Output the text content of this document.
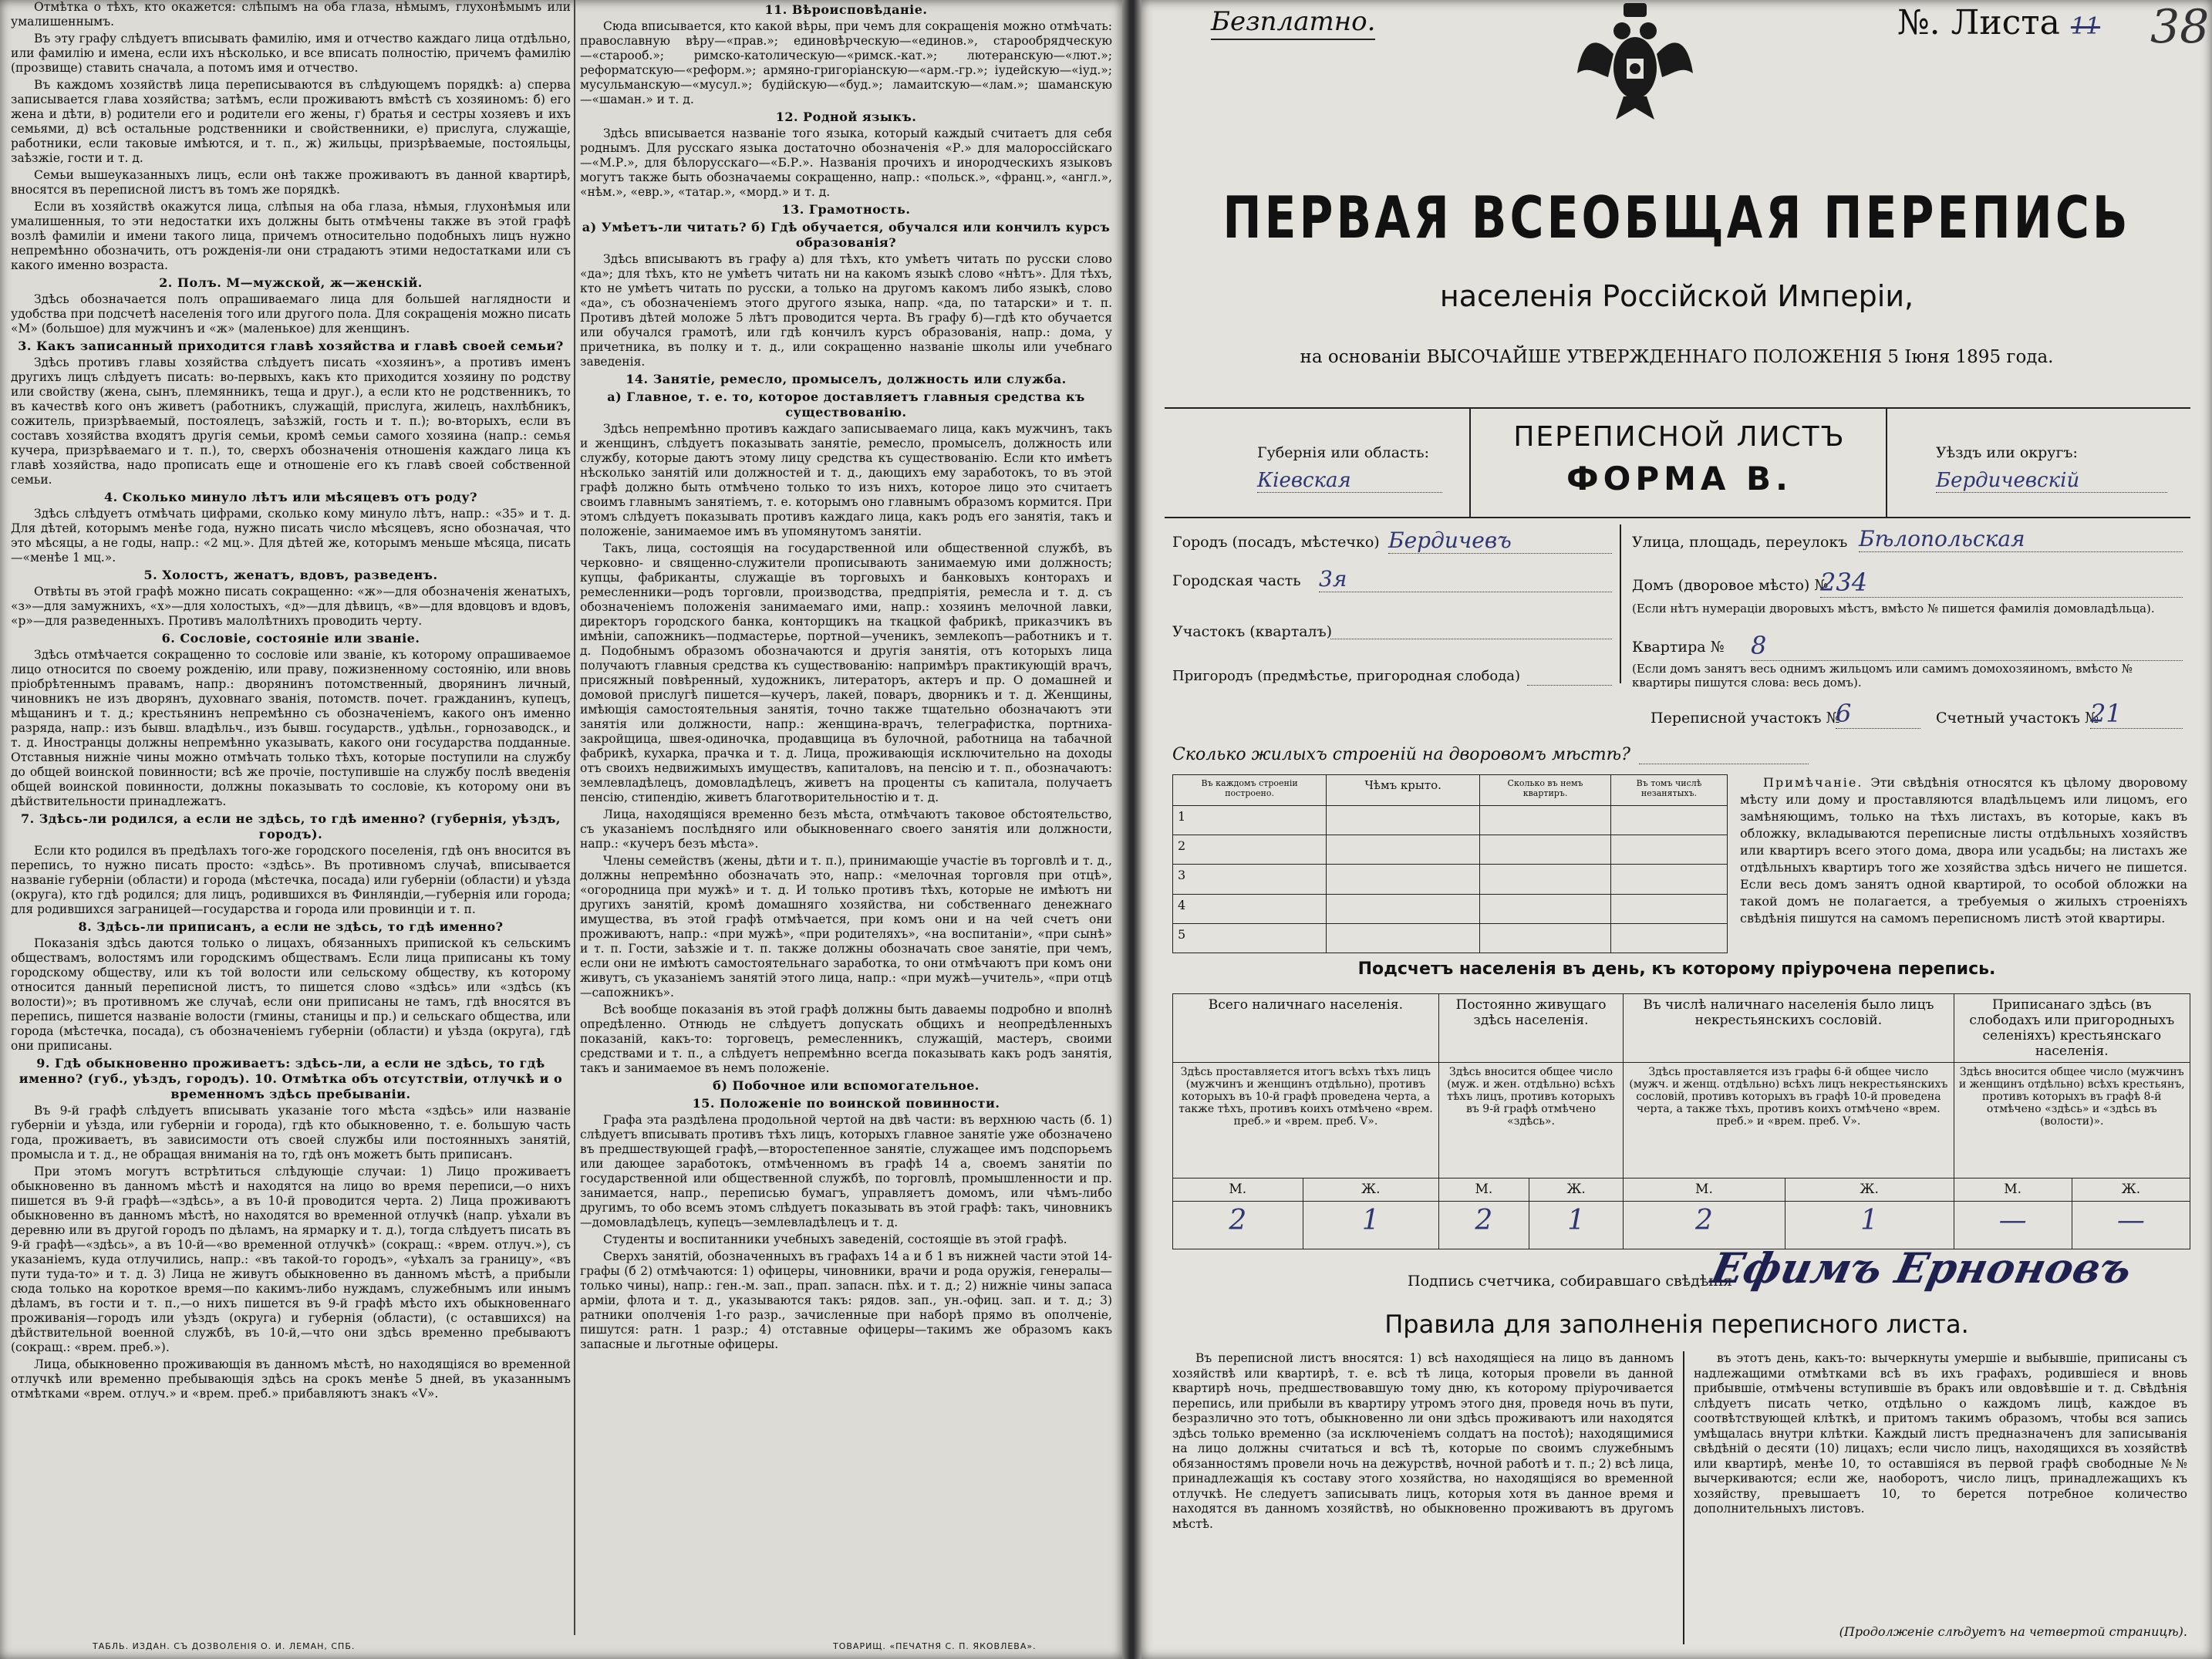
Отмѣтка о тѣхъ, кто окажется: слѣпымъ на оба глаза, нѣмымъ, глухонѣмымъ или умалишеннымъ.

Въ эту графу слѣдуетъ вписывать фамилію, имя и отчество каждаго лица отдѣльно, или фамилію и имена, если ихъ нѣсколько, и все вписать полностію, причемъ фамилію (прозвище) ставить сначала, а потомъ имя и отчество.

Въ каждомъ хозяйствѣ лица переписываются въ слѣдующемъ порядкѣ: а) сперва записывается глава хозяйства; затѣмъ, если проживаютъ вмѣстѣ съ хозяиномъ: б) его жена и дѣти, в) родители его и родители его жены, г) братья и сестры хозяевъ и ихъ семьями, д) всѣ остальные родственники и свойственники, е) прислуга, служащіе, работники, если таковые имѣются, и т. п., ж) жильцы, призрѣваемые, постояльцы, заѣзжіе, гости и т. д.

Семьи вышеуказанныхъ лицъ, если онѣ также проживаютъ въ данной квартирѣ, вносятся въ переписной листъ въ томъ же порядкѣ.

Если въ хозяйствѣ окажутся лица, слѣпыя на оба глаза, нѣмыя, глухонѣмыя или умалишенныя, то эти недостатки ихъ должны быть отмѣчены также въ этой графѣ возлѣ фамиліи и имени такого лица, причемъ относительно подобныхъ лицъ нужно непремѣнно обозначить, отъ рожденія-ли они страдаютъ этими недостатками или съ какого именно возраста.

2. Полъ. М—мужской, ж—женскій.

Здѣсь обозначается полъ опрашиваемаго лица для большей наглядности и удобства при подсчетѣ населенія того или другого пола. Для сокращенія можно писать «М» (большое) для мужчинъ и «ж» (маленькое) для женщинъ.

3. Какъ записанный приходится главѣ хозяйства и главѣ своей семьи?

Здѣсь противъ главы хозяйства слѣдуетъ писать «хозяинъ», а противъ именъ другихъ лицъ слѣдуетъ писать: во-первыхъ, какъ кто приходится хозяину по родству или свойству (жена, сынъ, племянникъ, теща и друг.), а если кто не родственникъ, то въ качествѣ кого онъ живетъ (работникъ, служащій, прислуга, жилецъ, нахлѣбникъ, сожитель, призрѣваемый, постоялецъ, заѣзжій, гость и т. п.); во-вторыхъ, если въ составъ хозяйства входятъ другія семьи, кромѣ семьи самого хозяина (напр.: семья кучера, призрѣваемаго и т. п.), то, сверхъ обозначенія отношенія каждаго лица къ главѣ хозяйства, надо прописать еще и отношеніе его къ главѣ своей собственной семьи.

4. Сколько минуло лѣтъ или мѣсяцевъ отъ роду?

Здѣсь слѣдуетъ отмѣчать цифрами, сколько кому минуло лѣтъ, напр.: «35» и т. д. Для дѣтей, которымъ менѣе года, нужно писать число мѣсяцевъ, ясно обозначая, что это мѣсяцы, а не годы, напр.: «2 мц.». Для дѣтей же, которымъ меньше мѣсяца, писать—«менѣе 1 мц.».

5. Холостъ, женатъ, вдовъ, разведенъ.

Отвѣты въ этой графѣ можно писать сокращенно: «ж»—для обозначенія женатыхъ, «з»—для замужнихъ, «х»—для холостыхъ, «д»—для дѣвицъ, «в»—для вдовцовъ и вдовъ, «р»—для разведенныхъ. Противъ малолѣтнихъ проводить черту.

6. Сословіе, состояніе или званіе.

Здѣсь отмѣчается сокращенно то сословіе или званіе, къ которому опрашиваемое лицо относится по своему рожденію, или праву, пожизненному состоянію, или вновь пріобрѣтеннымъ правамъ, напр.: дворянинъ потомственный, дворянинъ личный, чиновникъ не изъ дворянъ, духовнаго званія, потомств. почет. гражданинъ, купецъ, мѣщанинъ и т. д.; крестьянинъ непремѣнно съ обозначеніемъ, какого онъ именно разряда, напр.: изъ бывш. владѣльч., изъ бывш. государств., удѣльн., горнозаводск., и т. д. Иностранцы должны непремѣнно указывать, какого они государства подданные. Отставныя нижніе чины можно отмѣчать только тѣхъ, которые поступили на службу до общей воинской повинности; всѣ же прочіе, поступившіе на службу послѣ введенія общей воинской повинности, должны показывать то сословіе, къ которому они въ дѣйствительности принадлежатъ.

7. Здѣсь-ли родился, а если не здѣсь, то гдѣ именно? (губернія, уѣздъ, городъ).

Если кто родился въ предѣлахъ того-же городского поселенія, гдѣ онъ вносится въ перепись, то нужно писать просто: «здѣсь». Въ противномъ случаѣ, вписывается названіе губерніи (области) и города (мѣстечка, посада) или губерніи (области) и уѣзда (округа), кто гдѣ родился; для лицъ, родившихся въ Финляндіи,—губернія или города; для родившихся заграницей—государства и города или провинціи и т. п.

8. Здѣсь-ли приписанъ, а если не здѣсь, то гдѣ именно?

Показанія здѣсь даются только о лицахъ, обязанныхъ припиской къ сельскимъ обществамъ, волостямъ или городскимъ обществамъ. Если лица приписаны къ тому городскому обществу, или къ той волости или сельскому обществу, къ которому относится данный переписной листъ, то пишется слово «здѣсь» или «здѣсь (къ волости)»; въ противномъ же случаѣ, если они приписаны не тамъ, гдѣ вносятся въ перепись, пишется названіе волости (гмины, станицы и пр.) и сельскаго общества, или города (мѣстечка, посада), съ обозначеніемъ губерніи (области) и уѣзда (округа), гдѣ они приписаны.

9. Гдѣ обыкновенно проживаетъ: здѣсь-ли, а если не здѣсь, то гдѣ именно? (губ., уѣздъ, городъ). 10. Отмѣтка объ отсутствіи, отлучкѣ и о временномъ здѣсь пребываніи.

Въ 9-й графѣ слѣдуетъ вписывать указаніе того мѣста «здѣсь» или названіе губерніи и уѣзда, или губерніи и города), гдѣ кто обыкновенно, т. е. большую часть года, проживаетъ, въ зависимости отъ своей службы или постоянныхъ занятій, промысла и т. д., не обращая вниманія на то, гдѣ онъ можетъ быть приписанъ.

При этомъ могутъ встрѣтиться слѣдующіе случаи: 1) Лицо проживаетъ обыкновенно въ данномъ мѣстѣ и находятся на лицо во время переписи,—о нихъ пишется въ 9-й графѣ—«здѣсь», а въ 10-й проводится черта. 2) Лица проживаютъ обыкновенно въ данномъ мѣстѣ, но находятся во временной отлучкѣ (напр. уѣхали въ деревню или въ другой городъ по дѣламъ, на ярмарку и т. д.), тогда слѣдуетъ писать въ 9-й графѣ—«здѣсь», а въ 10-й—«во временной отлучкѣ» (сокращ.: «врем. отлуч.»), съ указаніемъ, куда отлучились, напр.: «въ такой-то городъ», «уѣхалъ за границу», «въ пути туда-то» и т. д. 3) Лица не живутъ обыкновенно въ данномъ мѣстѣ, а прибыли сюда только на короткое время—по какимъ-либо нуждамъ, служебнымъ или инымъ дѣламъ, въ гости и т. п.,—о нихъ пишется въ 9-й графѣ мѣсто ихъ обыкновеннаго проживанія—городъ или уѣздъ (округа) и губернія (области), (с оставшихся) на дѣйствительной военной службѣ, въ 10-й,—что они здѣсь временно пребываютъ (сокращ.: «врем. преб.»).

Лица, обыкновенно проживающія въ данномъ мѣстѣ, но находящіяся во временной отлучкѣ или временно пребывающія здѣсь на срокъ менѣе 5 дней, въ указаннымъ отмѣтками «врем. отлуч.» и «врем. преб.» прибавляютъ знакъ «V».

11. Вѣроисповѣданіе.

Сюда вписывается, кто какой вѣры, при чемъ для сокращенія можно отмѣчать: православную вѣру—«прав.»; единовѣрческую—«единов.», старообрядческую—«старооб.»; римско-католическую—«римск.-кат.»; лютеранскую—«лют.»; реформатскую—«реформ.»; армяно-григоріанскую—«арм.-гр.»; іудейскую—«іуд.»; мусульманскую—«мусул.»; будійскую—«буд.»; ламаитскую—«лам.»; шаманскую—«шаман.» и т. д.

12. Родной языкъ.

Здѣсь вписывается названіе того языка, который каждый считаетъ для себя роднымъ. Для русскаго языка достаточно обозначенія «Р.» для малороссійскаго—«М.Р.», для бѣлорусскаго—«Б.Р.». Названія прочихъ и инородческихъ языковъ могутъ также быть обозначаемы сокращенно, напр.: «польск.», «франц.», «англ.», «нѣм.», «евр.», «татар.», «морд.» и т. д.

13. Грамотность.

а) Умѣетъ-ли читать? б) Гдѣ обучается, обучался или кончилъ курсъ образованія?

Здѣсь вписываютъ въ графу а) для тѣхъ, кто умѣетъ читать по русски слово «да»; для тѣхъ, кто не умѣетъ читать ни на какомъ языкѣ слово «нѣтъ». Для тѣхъ, кто не умѣетъ читать по русски, а только на другомъ какомъ либо языкѣ, слово «да», съ обозначеніемъ этого другого языка, напр. «да, по татарски» и т. п. Противъ дѣтей моложе 5 лѣтъ проводится черта. Въ графу б)—гдѣ кто обучается или обучался грамотѣ, или гдѣ кончилъ курсъ образованія, напр.: дома, у причетника, въ полку и т. д., или сокращенно названіе школы или учебнаго заведенія.

14. Занятіе, ремесло, промыселъ, должность или служба.

а) Главное, т. е. то, которое доставляетъ главныя средства къ существованію.

Здѣсь непремѣнно противъ каждаго записываемаго лица, какъ мужчинъ, такъ и женщинъ, слѣдуетъ показывать занятіе, ремесло, промыселъ, должность или службу, которые даютъ этому лицу средства къ существованію. Если кто имѣетъ нѣсколько занятій или должностей и т. д., дающихъ ему заработокъ, то въ этой графѣ должно быть отмѣчено только то изъ нихъ, которое лицо это считаетъ своимъ главнымъ занятіемъ, т. е. которымъ оно главнымъ образомъ кормится. При этомъ слѣдуетъ показывать противъ каждаго лица, какъ родъ его занятія, такъ и положеніе, занимаемое имъ въ упомянутомъ занятіи.

Такъ, лица, состоящія на государственной или общественной службѣ, въ черковно- и священно-служители прописывають занимаемую ими должность; купцы, фабриканты, служащіе въ торговыхъ и банковыхъ конторахъ и ремесленники—родъ торговли, производства, предпріятія, ремесла и т. д. съ обозначеніемъ положенія занимаемаго ими, напр.: хозяинъ мелочной лавки, директоръ городского банка, конторщикъ на ткацкой фабрикѣ, приказчикъ въ имѣніи, сапожникъ—подмастерье, портной—ученикъ, землекопъ—работникъ и т. д. Подобнымъ образомъ обозначаются и другія занятія, отъ которыхъ лица получаютъ главныя средства къ существованію: напримѣръ практикующій врачъ, присяжный повѣренный, художникъ, литераторъ, актеръ и пр. О домашней и домовой прислугѣ пишется—кучеръ, лакей, поваръ, дворникъ и т. д. Женщины, имѣющія самостоятельныя занятія, точно также тщательно обозначаютъ эти занятія или должности, напр.: женщина-врачъ, телеграфистка, портниха-закройщица, швея-одиночка, продавщица въ булочной, работница на табачной фабрикѣ, кухарка, прачка и т. д. Лица, проживающія исключительно на доходы отъ своихъ недвижимыхъ имуществъ, капиталовъ, на пенсію и т. п., обозначаютъ: землевладѣлецъ, домовладѣлецъ, живетъ на проценты съ капитала, получаетъ пенсію, стипендію, живетъ благотворительностію и т. д.

Лица, находящіяся временно безъ мѣста, отмѣчаютъ таковое обстоятельство, съ указаніемъ послѣдняго или обыкновеннаго своего занятія или должности, напр.: «кучеръ безъ мѣста».

Члены семействъ (жены, дѣти и т. п.), принимающіе участіе въ торговлѣ и т. д., должны непремѣнно обозначать это, напр.: «мелочная торговля при отцѣ», «огородница при мужѣ» и т. д. И только противъ тѣхъ, которые не имѣютъ ни другихъ занятій, кромѣ домашняго хозяйства, ни собственнаго денежнаго имущества, въ этой графѣ отмѣчается, при комъ они и на чей счетъ они проживаютъ, напр.: «при мужѣ», «при родителяхъ», «на воспитаніи», «при сынѣ» и т. п. Гости, заѣзжіе и т. п. также должны обозначать свое занятіе, при чемъ, если они не имѣютъ самостоятельнаго заработка, то они отмѣчаютъ при комъ они живутъ, съ указаніемъ занятій этого лица, напр.: «при мужѣ—учитель», «при отцѣ—сапожникъ».

Всѣ вообще показанія въ этой графѣ должны быть даваемы подробно и вполнѣ опредѣленно. Отнюдь не слѣдуетъ допускать общихъ и неопредѣленныхъ показаній, какъ-то: торговецъ, ремесленникъ, служащій, мастеръ, своими средствами и т. п., а слѣдуетъ непремѣнно всегда показывать какъ родъ занятія, такъ и занимаемое въ немъ положеніе.

б) Побочное или вспомогательное.

15. Положеніе по воинской повинности.

Графа эта раздѣлена продольной чертой на двѣ части: въ верхнюю часть (б. 1) слѣдуетъ вписывать противъ тѣхъ лицъ, которыхъ главное занятіе уже обозначено въ предшествующей графѣ,—второстепенное занятіе, служащее имъ подспорьемъ или дающее заработокъ, отмѣченномъ въ графѣ 14 а, своемъ занятіи по государственной или общественной службѣ, по торговлѣ, промышленности и пр. занимается, напр., переписью бумагъ, управляетъ домомъ, или чѣмъ-либо другимъ, то обо всемъ этомъ слѣдуетъ показывать въ этой графѣ: такъ, чиновникъ—домовладѣлецъ, купецъ—землевладѣлецъ и т. д.

Студенты и воспитанники учебныхъ заведеній, состоящіе въ этой графѣ.

Сверхъ занятій, обозначенныхъ въ графахъ 14 а и б 1 въ нижней части этой 14-графы (б 2) отмѣчаются: 1) офицеры, чиновники, врачи и рода оружія, генералы—только чины), напр.: ген.-м. зап., прап. запасн. пѣх. и т. д.; 2) нижніе чины запаса арміи, флота и т. д., указываются такъ: рядов. зап., ун.-офиц. зап. и т. д.; 3) ратники ополченія 1-го разр., зачисленные при наборѣ прямо въ ополченіе, пишутся: ратн. 1 разр.; 4) отставные офицеры—такимъ же образомъ какъ запасные и льготные офицеры.

ТАБЛЬ. ИЗДАН. СЪ ДОЗВОЛЕНІЯ О. И. ЛЕМАН, СПБ.	ТОВАРИЩ. «ПЕЧАТНЯ С. П. ЯКОВЛЕВА».
Безплатно.	№. Листа 11 38
ПЕРВАЯ ВСЕОБЩАЯ ПЕРЕПИСЬ
населенія Россійской Имперіи,
на основаніи ВЫСОЧАЙШЕ УТВЕРЖДЕННАГО ПОЛОЖЕНІЯ 5 Іюня 1895 года.
Губернія или область:
Кіевская
ПЕРЕПИСНОЙ ЛИСТЪ
ФОРМА В.
Уѣздъ или округъ:
Бердичевскій
Городъ (посадъ, мѣстечко) Бердичевъ
Городская часть 3я
Участокъ (кварталъ)
Пригородъ (предмѣстье, пригородная слобода)
Улица, площадь, переулокъ Бѣлопольская
Домъ (дворовое мѣсто) №
234
(Если нѣтъ нумераціи дворовыхъ мѣстъ, вмѣсто № пишется фамилія домовладѣльца).
Квартира № 8
(Если домъ занятъ весь однимъ жильцомъ или самимъ домохозяиномъ, вмѣсто № квартиры пишутся слова: весь домъ).
Переписной участокъ №
6	Счетный участокъ №
21
Сколько жилыхъ строеній на дворовомъ мѣстѣ?
Въ каждомъ строеніи построено.	Чѣмъ крыто.	Сколько въ немъ квартиръ.	Въ томъ числѣ незанятыхъ.
1			
2			
3			
4			
5			
Примѣчаніе. Эти свѣдѣнія относятся къ цѣлому дворовому мѣсту или дому и проставляются владѣльцемъ или лицомъ, его замѣняющимъ, только на тѣхъ листахъ, въ которые, какъ въ обложку, вкладываются переписные листы отдѣльныхъ хозяйствъ или квартиръ всего этого дома, двора или усадьбы; на листахъ же отдѣльныхъ квартиръ того же хозяйства здѣсь ничего не пишется. Если весь домъ занятъ одной квартирой, то особой обложки на такой домъ не полагается, а требуемыя о жилыхъ строеніяхъ свѣдѣнія пишутся на самомъ переписномъ листѣ этой квартиры.
Подсчетъ населенія въ день, къ которому пріурочена перепись.
Всего наличнаго населенія.		Постоянно живущаго здѣсь населенія.		Въ числѣ наличнаго населенія было лицъ некрестьянскихъ сословій.		Приписанаго здѣсь (въ слободахъ или пригородныхъ селеніяхъ) крестьянскаго населенія.	
Здѣсь проставляется итогъ всѣхъ тѣхъ лицъ (мужчинъ и женщинъ отдѣльно), противъ которыхъ въ 10-й графѣ проведена черта, а также тѣхъ, противъ коихъ отмѣчено «врем. преб.» и «врем. преб. V».		Здѣсь вносится общее число (муж. и жен. отдѣльно) всѣхъ тѣхъ лицъ, противъ которыхъ въ 9-й графѣ отмѣчено «здѣсь».		Здѣсь проставляется изъ графы 6-й общее число (мужч. и женщ. отдѣльно) всѣхъ лицъ некрестьянскихъ сословій, противъ которыхъ въ графѣ 10-й проведена черта, а также тѣхъ, противъ коихъ отмѣчено «врем. преб.» и «врем. преб. V».		Здѣсь вносится общее число (мужчинъ и женщинъ отдѣльно) всѣхъ крестьянъ, противъ которыхъ въ графѣ 8-й отмѣчено «здѣсь» и «здѣсь въ (волости)».	
М.	Ж.	М.	Ж.	М.	Ж.	М.	Ж.
2	1	2	1	2	1	—	—
Подпись счетчика, собиравшаго свѣдѣнія
Ефимъ Ерноновъ
Правила для заполненія переписного листа.
Въ переписной листъ вносятся: 1) всѣ находящіеся на лицо въ данномъ хозяйствѣ или квартирѣ, т. е. всѣ тѣ лица, которыя провели въ данной квартирѣ ночь, предшествовавшую тому дню, къ которому пріурочивается перепись, или прибыли въ квартиру утромъ этого дня, проведя ночь въ пути, безразлично это тотъ, обыкновенно ли они здѣсь проживаютъ или находятся здѣсь только временно (за исключеніемъ солдатъ на постоѣ); находящимися на лицо должны считаться и всѣ тѣ, которые по своимъ служебнымъ обязанностямъ провели ночь на дежурствѣ, ночной работѣ и т. п.; 2) всѣ лица, принадлежащія къ составу этого хозяйства, но находящіяся во временной отлучкѣ. Не следуетъ записывать лицъ, которыя хотя въ данное время и находятся въ данномъ хозяйствѣ, но обыкновенно проживаютъ въ другомъ мѣстѣ.
въ этотъ день, какъ-то: вычеркнуты умершіе и выбывшіе, приписаны съ надлежащими отмѣтками всѣ въ ихъ графахъ, родившіеся и вновь прибывшіе, отмѣчены вступившіе въ бракъ или овдовѣвшіе и т. д. Свѣдѣнія слѣдуетъ писать четко, отдѣльно о каждомъ лицѣ, каждое въ соотвѣтствующей клѣткѣ, и притомъ такимъ образомъ, чтобы вся запись умѣщалась внутри клѣтки. Каждый листъ предназначенъ для записыванія свѣдѣній о десяти (10) лицахъ; если число лицъ, находящихся въ хозяйствѣ или квартирѣ, менѣе 10, то оставшіяся въ первой графѣ свободные №№ вычеркиваются; если же, наоборотъ, число лицъ, принадлежащихъ къ хозяйству, превышаетъ 10, то берется потребное количество дополнительныхъ листовъ.
(Продолженіе слѣдуетъ на четвертой страницѣ).
